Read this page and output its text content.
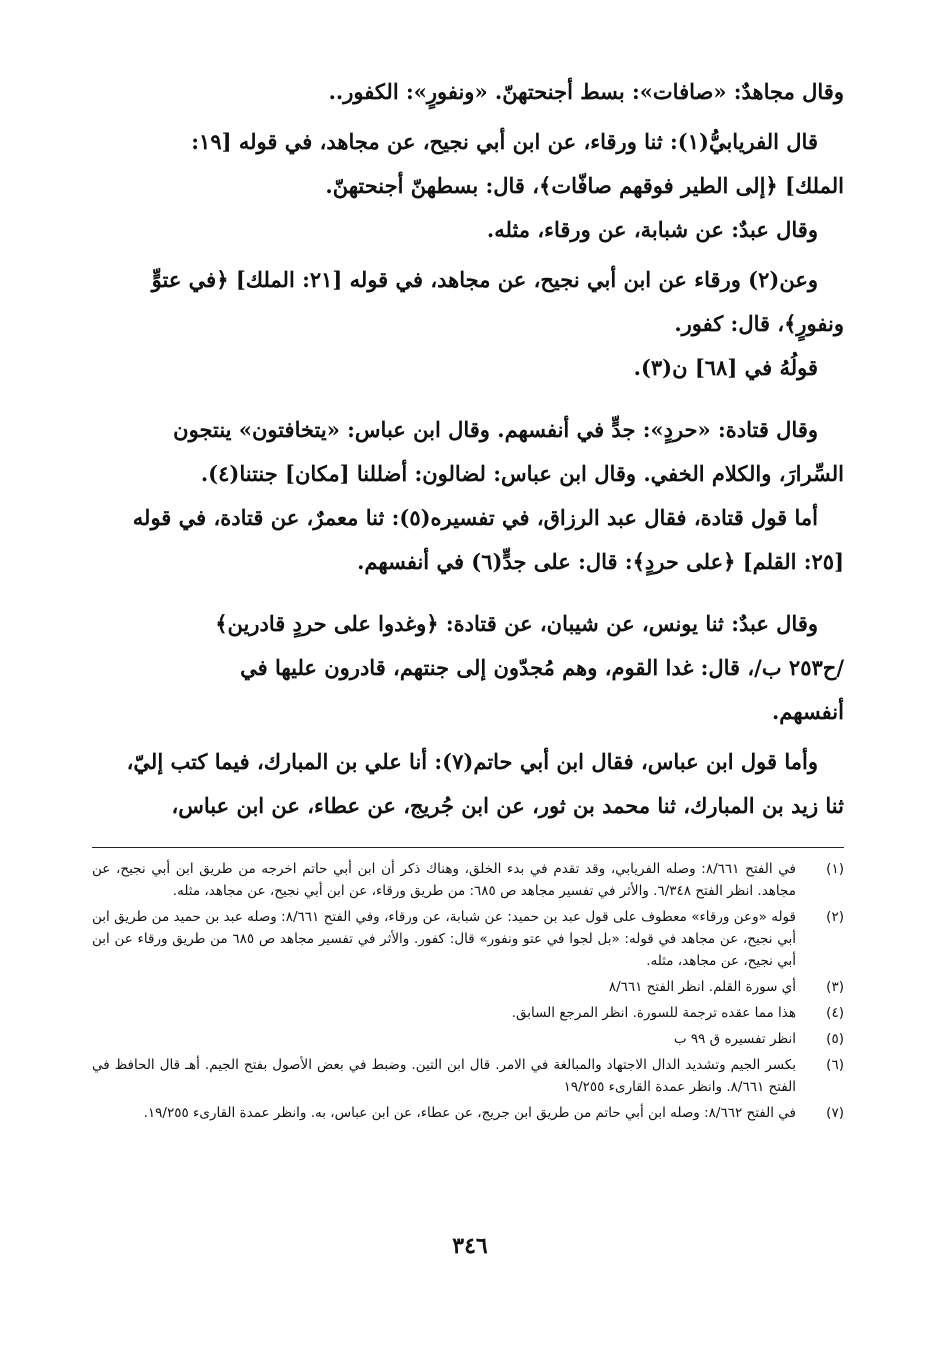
وقال مجاهدٌ: «صافات»: بسط أجنحتهنّ. «ونفورٍ»: الكفور..

قال الفريابيُّ(١): ثنا ورقاء، عن ابن أبي نجيح، عن مجاهد، في قوله [١٩:
الملك] ﴿إلى الطير فوقهم صافّات﴾، قال: بسطهنّ أجنحتهنّ.
وقال عبدٌ: عن شبابة، عن ورقاء، مثله.

وعن(٢) ورقاء عن ابن أبي نجيح، عن مجاهد، في قوله [٢١: الملك] ﴿في عتوٍّ
ونفورٍ﴾، قال: كفور.
قولُهُ في [٦٨] ن(٣).

وقال قتادة: «حردٍ»: جدٍّ في أنفسهم. وقال ابن عباس: «يتخافتون» ينتجون
السِّرارَ، والكلام الخفي. وقال ابن عباس: لضالون: أضللنا [مكان] جنتنا(٤).
أما قول قتادة، فقال عبد الرزاق، في تفسيره(٥): ثنا معمرٌ، عن قتادة، في قوله
[٢٥: القلم] ﴿على حردٍ﴾: قال: على جدٍّ(٦) في أنفسهم.

وقال عبدٌ: ثنا يونس، عن شيبان، عن قتادة: ﴿وغدوا على حردٍ قادرين﴾
/ح٢٥٣ ب/، قال: غدا القوم، وهم مُجدّون إلى جنتهم، قادرون عليها في
أنفسهم.

وأما قول ابن عباس، فقال ابن أبي حاتم(٧): أنا علي بن المبارك، فيما كتب إليّ،
ثنا زيد بن المبارك، ثنا محمد بن ثور، عن ابن جُريج، عن عطاء، عن ابن عباس،

(١)
في الفتح ٨/٦٦١: وصله الفريابي، وقد تقدم في بدء الخلق، وهناك ذكر أن ابن أبي حاتم اخرجه من طريق ابن أبي نجيح، عن مجاهد. انظر الفتح ٦/٣٤٨. والأثر في تفسير مجاهد ص ٦٨٥: من طريق ورقاء، عن ابن أبي نجيح، عن مجاهد، مثله.
(٢)
قوله «وعن ورقاء» معطوف على قول عبد بن حميد: عن شبابة، عن ورقاء، وفي الفتح ٨/٦٦١: وصله عبد بن حميد من طريق ابن أبي نجيح، عن مجاهد في قوله: «بل لجوا في عتو ونفور» قال: كفور. والأثر في تفسير مجاهد ص ٦٨٥ من طريق ورقاء عن ابن أبي نجيح، عن مجاهد، مثله.
(٣)
أي سورة القلم. انظر الفتح ٨/٦٦١
(٤)
هذا مما عقده ترجمة للسورة. انظر المرجع السابق.
(٥)
انظر تفسيره ق ٩٩ ب
(٦)
بكسر الجيم وتشديد الدال الاجتهاد والمبالغة في الامر. قال ابن التين. وضبط في بعض الأصول بفتح الجيم. أهـ قال الحافظ في الفتح ٨/٦٦١. وانظر عمدة القارىء ١٩/٢٥٥
(٧)
في الفتح ٨/٦٦٢: وصله ابن أبي حاتم من طريق ابن جريج، عن عطاء، عن ابن عباس، به. وانظر عمدة القارىء ١٩/٢٥٥.
٣٤٦
